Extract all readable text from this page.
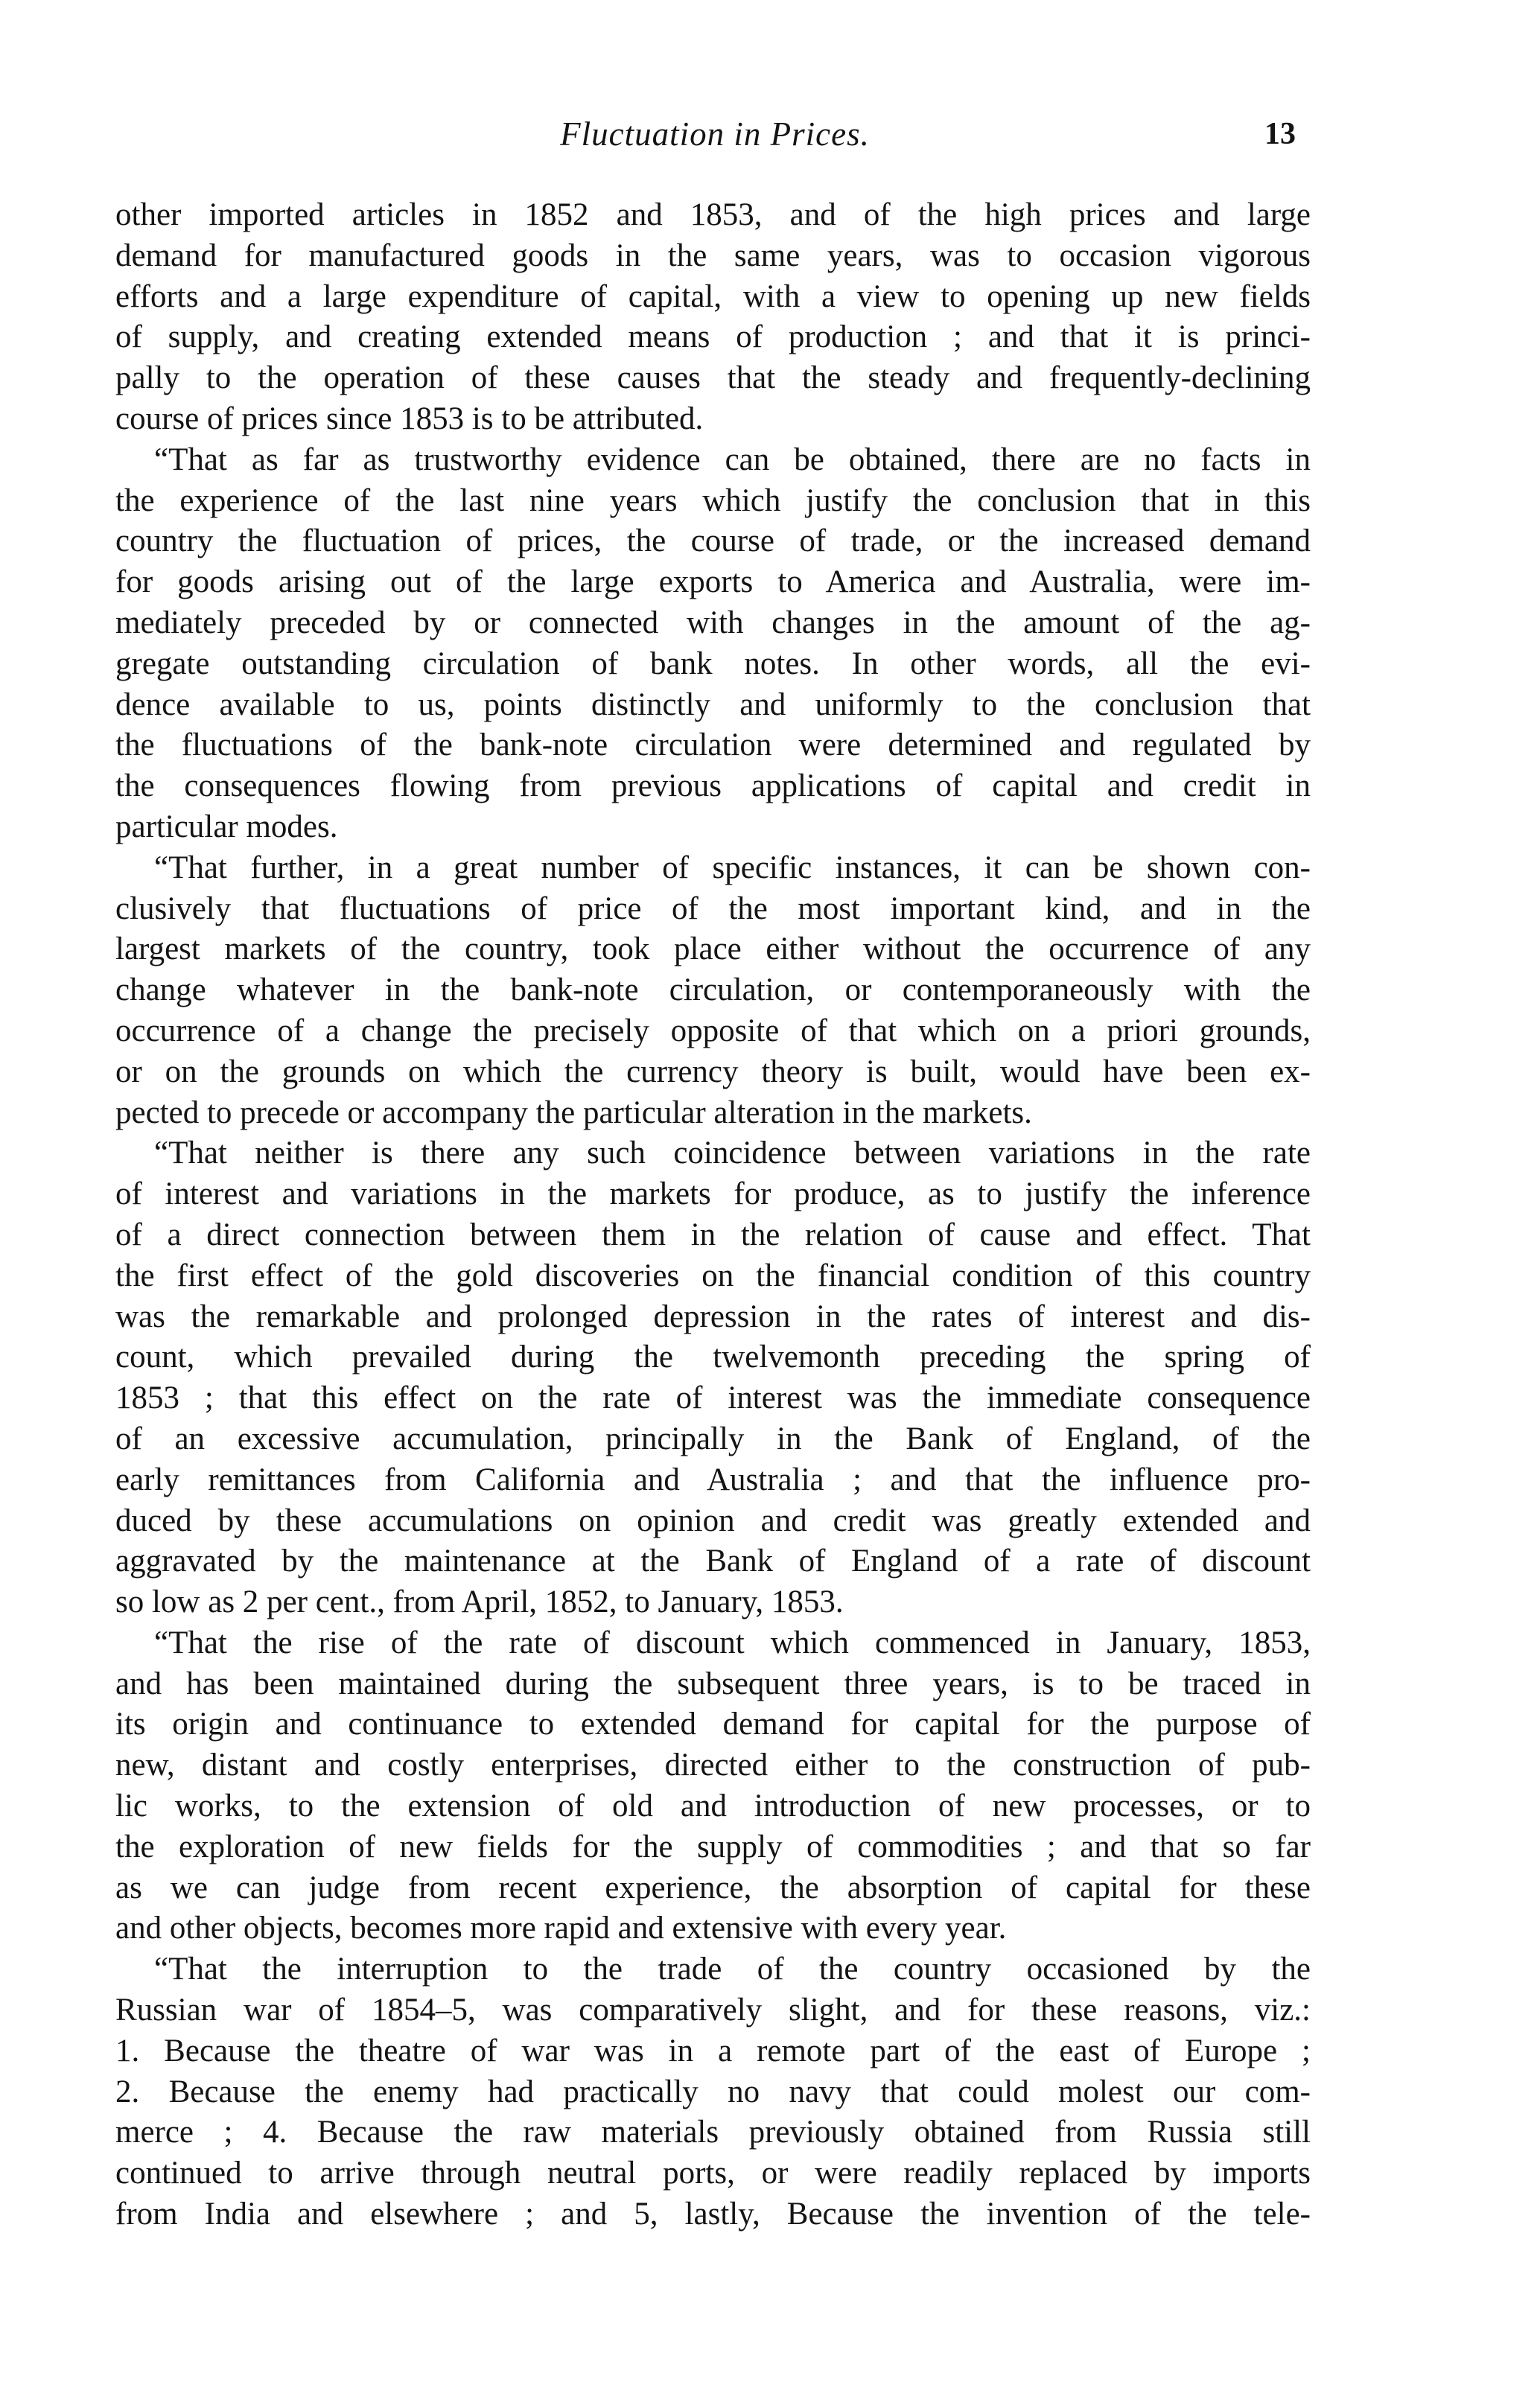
Fluctuation in Prices.	13
other imported articles in 1852 and 1853, and of the high prices and large
demand for manufactured goods in the same years, was to occasion vigorous
efforts and a large expenditure of capital, with a view to opening up new fields
of supply, and creating extended means of production ; and that it is princi-
pally to the operation of these causes that the steady and frequently-declining
course of prices since 1853 is to be attributed.
“That as far as trustworthy evidence can be obtained, there are no facts in
the experience of the last nine years which justify the conclusion that in this
country the fluctuation of prices, the course of trade, or the increased demand
for goods arising out of the large exports to America and Australia, were im-
mediately preceded by or connected with changes in the amount of the ag-
gregate outstanding circulation of bank notes. In other words, all the evi-
dence available to us, points distinctly and uniformly to the conclusion that
the fluctuations of the bank-note circulation were determined and regulated by
the consequences flowing from previous applications of capital and credit in
particular modes.
“That further, in a great number of specific instances, it can be shown con-
clusively that fluctuations of price of the most important kind, and in the
largest markets of the country, took place either without the occurrence of any
change whatever in the bank-note circulation, or contemporaneously with the
occurrence of a change the precisely opposite of that which on a priori grounds,
or on the grounds on which the currency theory is built, would have been ex-
pected to precede or accompany the particular alteration in the markets.
“That neither is there any such coincidence between variations in the rate
of interest and variations in the markets for produce, as to justify the inference
of a direct connection between them in the relation of cause and effect. That
the first effect of the gold discoveries on the financial condition of this country
was the remarkable and prolonged depression in the rates of interest and dis-
count, which prevailed during the twelvemonth preceding the spring of
1853 ; that this effect on the rate of interest was the immediate consequence
of an excessive accumulation, principally in the Bank of England, of the
early remittances from California and Australia ; and that the influence pro-
duced by these accumulations on opinion and credit was greatly extended and
aggravated by the maintenance at the Bank of England of a rate of discount
so low as 2 per cent., from April, 1852, to January, 1853.
“That the rise of the rate of discount which commenced in January, 1853,
and has been maintained during the subsequent three years, is to be traced in
its origin and continuance to extended demand for capital for the purpose of
new, distant and costly enterprises, directed either to the construction of pub-
lic works, to the extension of old and introduction of new processes, or to
the exploration of new fields for the supply of commodities ; and that so far
as we can judge from recent experience, the absorption of capital for these
and other objects, becomes more rapid and extensive with every year.
“That the interruption to the trade of the country occasioned by the
Russian war of 1854–5, was comparatively slight, and for these reasons, viz.:
1. Because the theatre of war was in a remote part of the east of Europe ;
2. Because the enemy had practically no navy that could molest our com-
merce ; 4. Because the raw materials previously obtained from Russia still
continued to arrive through neutral ports, or were readily replaced by imports
from India and elsewhere ; and 5, lastly, Because the invention of the tele-
